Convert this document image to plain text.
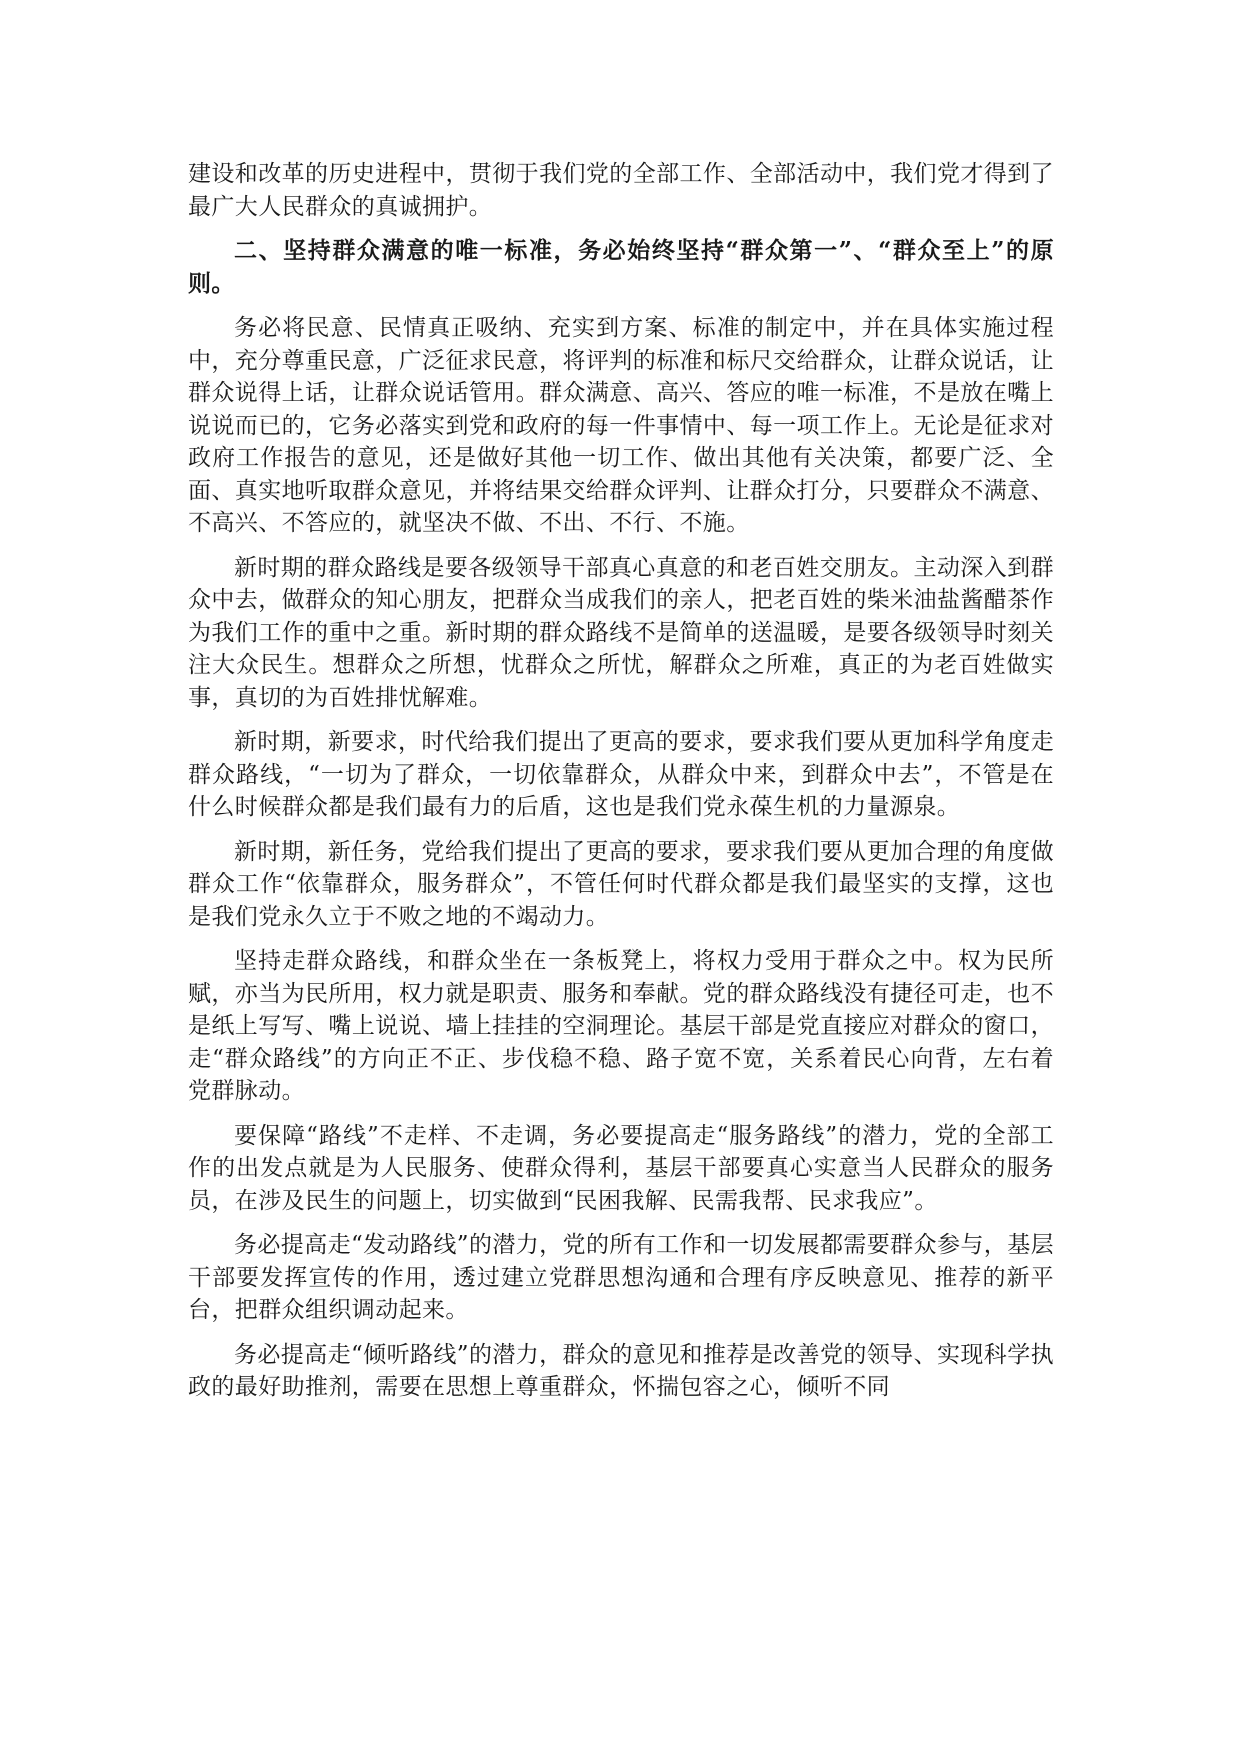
建设和改革的历史进程中，贯彻于我们党的全部工作、全部活动中，我们党才得到了最广大人民群众的真诚拥护。

二、坚持群众满意的唯一标准，务必始终坚持“群众第一”、“群众至上”的原则。

务必将民意、民情真正吸纳、充实到方案、标准的制定中，并在具体实施过程中，充分尊重民意，广泛征求民意，将评判的标准和标尺交给群众，让群众说话，让群众说得上话，让群众说话管用。群众满意、高兴、答应的唯一标准，不是放在嘴上说说而已的，它务必落实到党和政府的每一件事情中、每一项工作上。无论是征求对政府工作报告的意见，还是做好其他一切工作、做出其他有关决策，都要广泛、全面、真实地听取群众意见，并将结果交给群众评判、让群众打分，只要群众不满意、不高兴、不答应的，就坚决不做、不出、不行、不施。

新时期的群众路线是要各级领导干部真心真意的和老百姓交朋友。主动深入到群众中去，做群众的知心朋友，把群众当成我们的亲人，把老百姓的柴米油盐酱醋茶作为我们工作的重中之重。新时期的群众路线不是简单的送温暖，是要各级领导时刻关注大众民生。想群众之所想，忧群众之所忧，解群众之所难，真正的为老百姓做实事，真切的为百姓排忧解难。

新时期，新要求，时代给我们提出了更高的要求，要求我们要从更加科学角度走群众路线，“一切为了群众，一切依靠群众，从群众中来，到群众中去”，不管是在什么时候群众都是我们最有力的后盾，这也是我们党永葆生机的力量源泉。

新时期，新任务，党给我们提出了更高的要求，要求我们要从更加合理的角度做群众工作“依靠群众，服务群众”，不管任何时代群众都是我们最坚实的支撑，这也是我们党永久立于不败之地的不竭动力。

坚持走群众路线，和群众坐在一条板凳上，将权力受用于群众之中。权为民所赋，亦当为民所用，权力就是职责、服务和奉献。党的群众路线没有捷径可走，也不是纸上写写、嘴上说说、墙上挂挂的空洞理论。基层干部是党直接应对群众的窗口，走“群众路线”的方向正不正、步伐稳不稳、路子宽不宽，关系着民心向背，左右着党群脉动。

要保障“路线”不走样、不走调，务必要提高走“服务路线”的潜力，党的全部工作的出发点就是为人民服务、使群众得利，基层干部要真心实意当人民群众的服务员，在涉及民生的问题上，切实做到“民困我解、民需我帮、民求我应”。

务必提高走“发动路线”的潜力，党的所有工作和一切发展都需要群众参与，基层干部要发挥宣传的作用，透过建立党群思想沟通和合理有序反映意见、推荐的新平台，把群众组织调动起来。

务必提高走“倾听路线”的潜力，群众的意见和推荐是改善党的领导、实现科学执政的最好助推剂，需要在思想上尊重群众，怀揣包容之心，倾听不同
